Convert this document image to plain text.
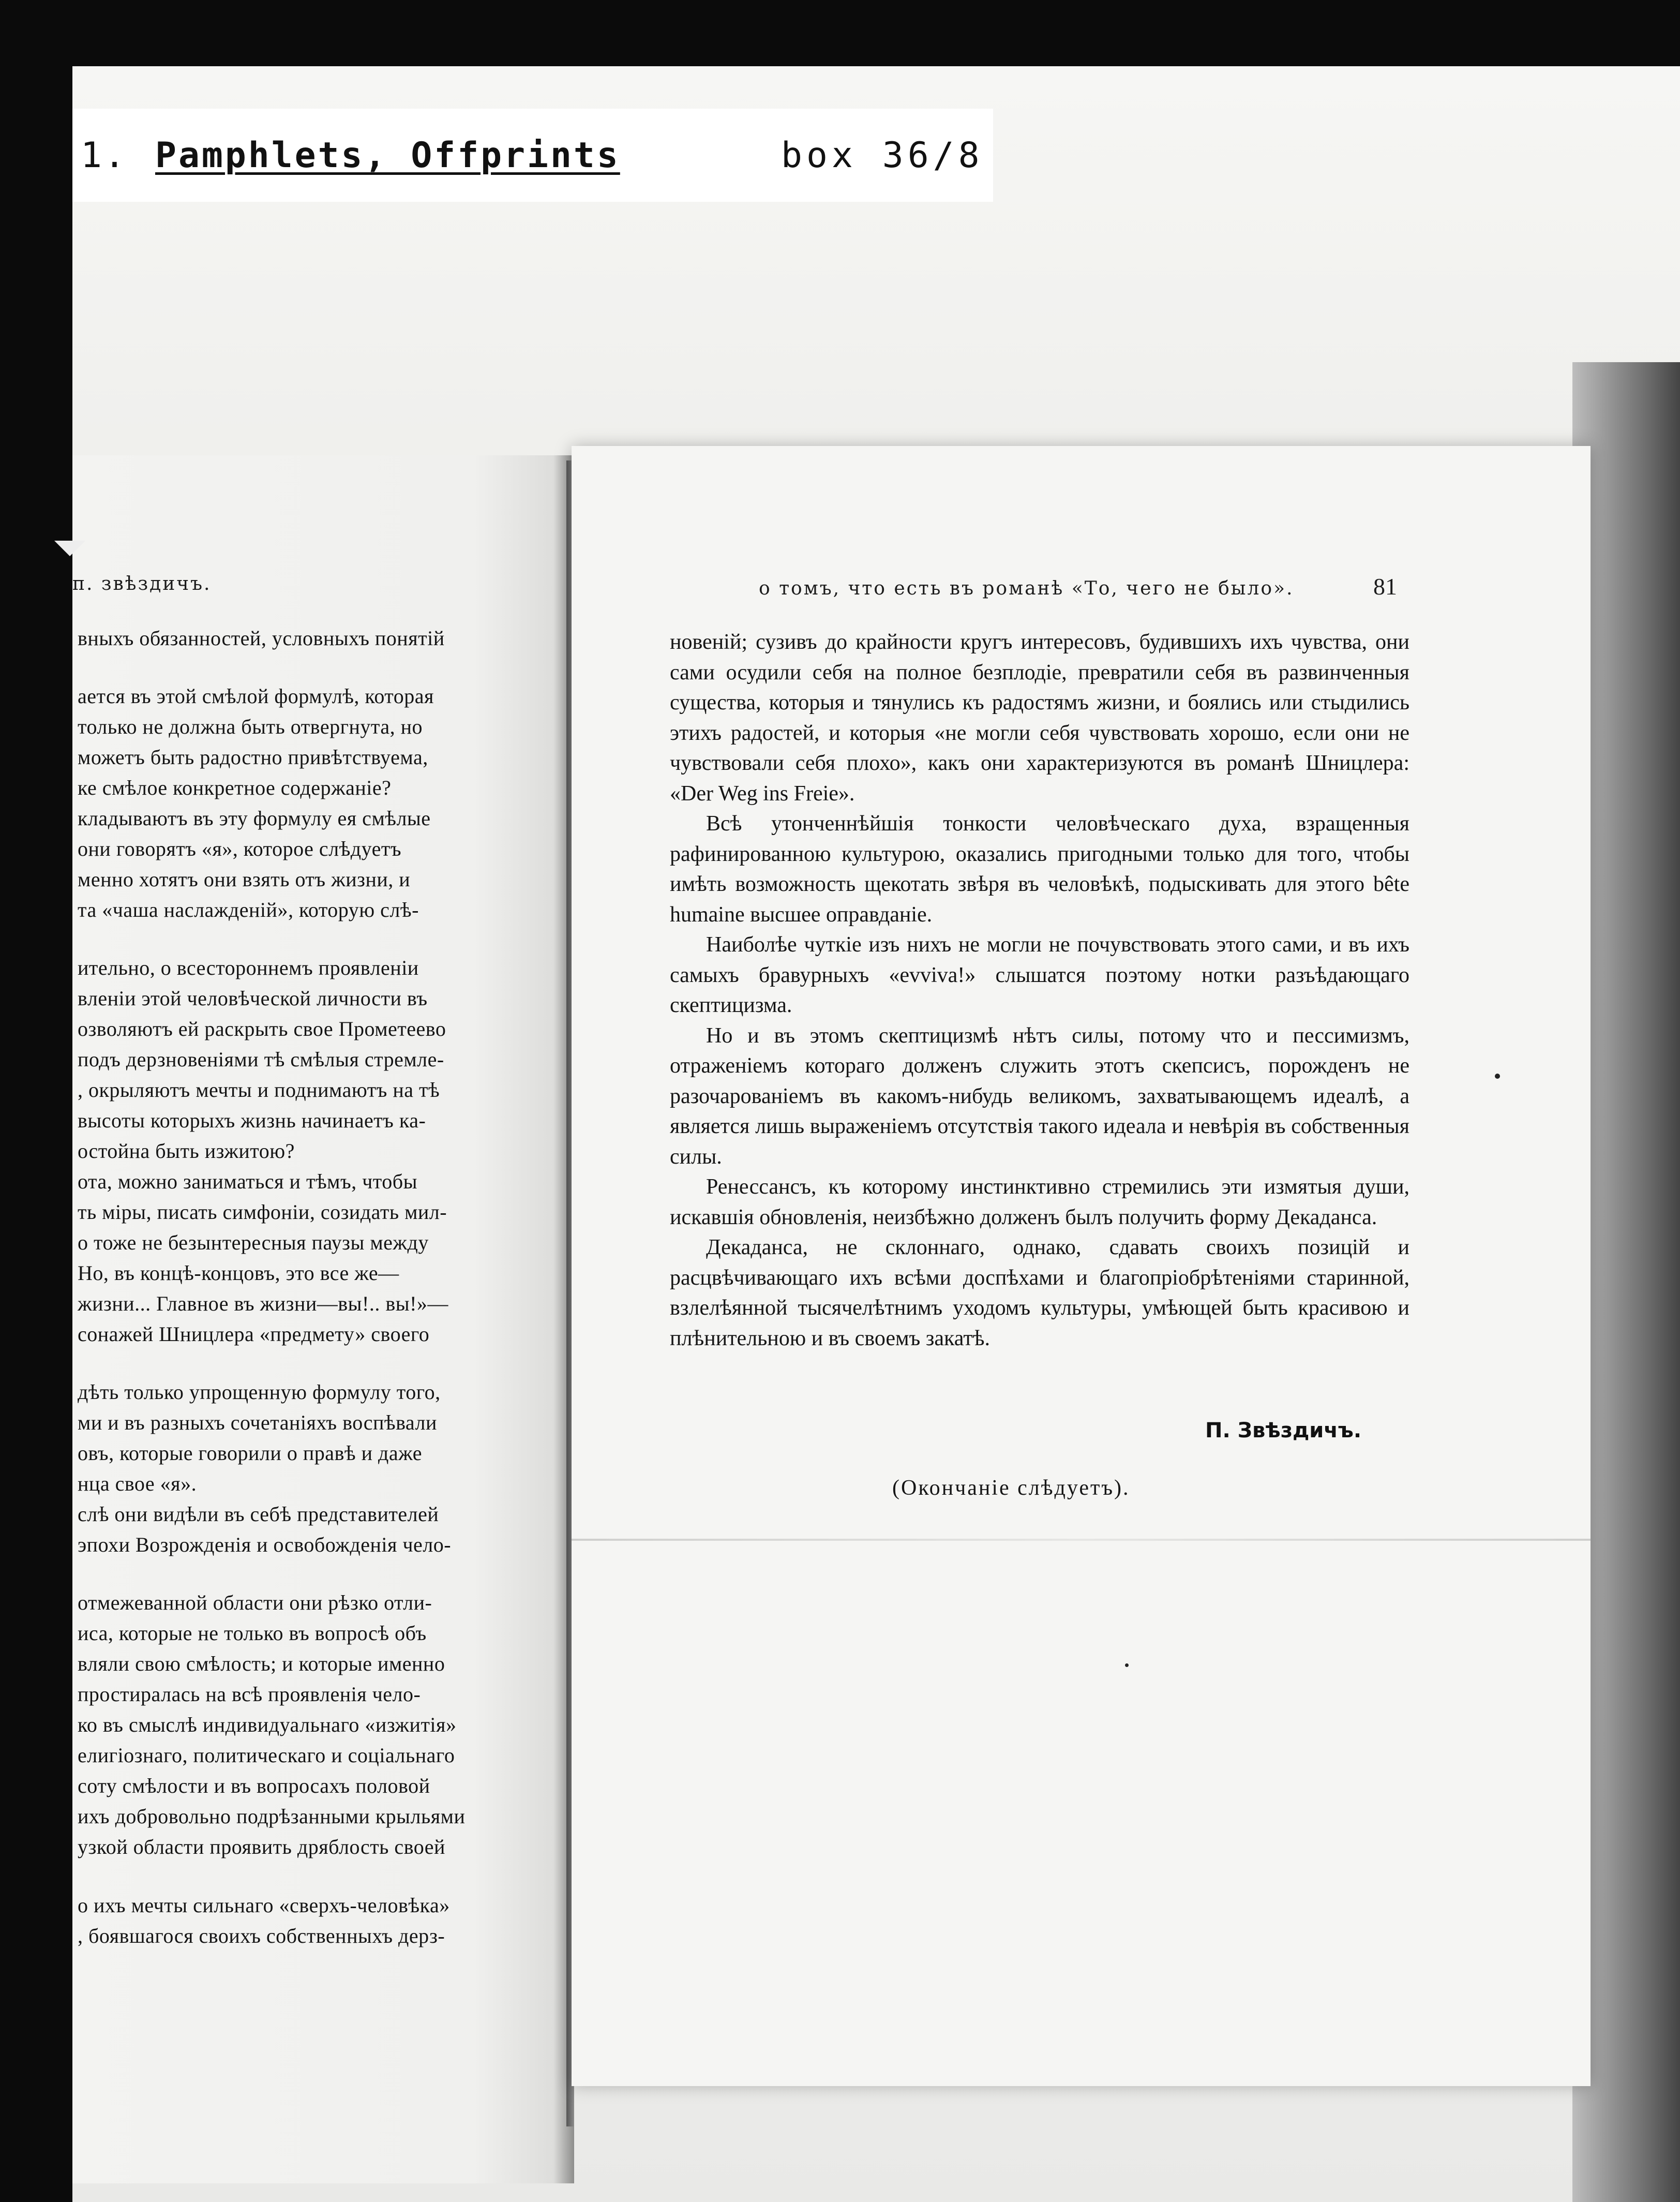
1. Pamphlets, Offprints	box 36/8
п. звѣздичъ.
вныхъ обязанностей, условныхъ понятій
ается въ этой смѣлой формулѣ, которая
только не должна быть отвергнута, но
можетъ быть радостно привѣтствуема,
ке смѣлое конкретное содержаніе?
кладываютъ въ эту формулу ея смѣлые
они говорятъ «я», которое слѣдуетъ
менно хотятъ они взять отъ жизни, и
та «чаша наслажденій», которую слѣ-
ительно, о всестороннемъ проявленіи
вленіи этой человѣческой личности въ
озволяютъ ей раскрыть свое Прометеево
подъ дерзновеніями тѣ смѣлыя стремле-
, окрыляютъ мечты и поднимаютъ на тѣ
высоты которыхъ жизнь начинаетъ ка-
остойна быть изжитою?
ота, можно заниматься и тѣмъ, чтобы
ть міры, писать симфоніи, созидать мил-
о тоже не безынтересныя паузы между
Но, въ концѣ-концовъ, это все же—
жизни... Главное въ жизни—вы!.. вы!»—
сонажей Шницлера «предмету» своего
дѣть только упрощенную формулу того,
ми и въ разныхъ сочетаніяхъ воспѣвали
овъ, которые говорили о правѣ и даже
нца свое «я».
слѣ они видѣли въ себѣ представителей
эпохи Возрожденія и освобожденія чело-
отмежеванной области они рѣзко отли-
иса, которые не только въ вопросѣ объ
вляли свою смѣлость; и которые именно
простиралась на всѣ проявленія чело-
ко въ смыслѣ индивидуальнаго «изжитія»
елигіознаго, политическаго и соціальнаго
соту смѣлости и въ вопросахъ половой
ихъ добровольно подрѣзанными крыльями
узкой области проявить дряблость своей
о ихъ мечты сильнаго «сверхъ-человѣка»
, боявшагося своихъ собственныхъ дерз-
о томъ, что есть въ романѣ «То, чего не было».	81

новеній; сузивъ до крайности кругъ интересовъ, будившихъ ихъ чувства, они сами осудили себя на полное безплодіе, превратили себя въ развинченныя существа, которыя и тянулись къ радостямъ жизни, и боялись или стыдились этихъ радостей, и которыя «не могли себя чувствовать хорошо, если они не чувствовали себя плохо», какъ они характеризуются въ романѣ Шницлера: «Der Weg ins Freie».

Всѣ утонченнѣйшія тонкости человѣческаго духа, взращенныя рафинированною культурою, оказались пригодными только для того, чтобы имѣть возможность щекотать звѣря въ человѣкѣ, подыскивать для этого bête humaine высшее оправданіе.

Наиболѣе чуткіе изъ нихъ не могли не почувствовать этого сами, и въ ихъ самыхъ бравурныхъ «evviva!» слышатся поэтому нотки разъѣдающаго скептицизма.

Но и въ этомъ скептицизмѣ нѣтъ силы, потому что и пессимизмъ, отраженіемъ котораго долженъ служить этотъ скепсисъ, порожденъ не разочарованіемъ въ какомъ-нибудь великомъ, захватывающемъ идеалѣ, а является лишь выраженіемъ отсутствія такого идеала и невѣрія въ собственныя силы.

Ренессансъ, къ которому инстинктивно стремились эти измятыя души, искавшія обновленія, неизбѣжно долженъ былъ получить форму Декаданса.

Декаданса, не склоннаго, однако, сдавать своихъ позицій и расцвѣчивающаго ихъ всѣми доспѣхами и благопріобрѣтеніями старинной, взлелѣянной тысячелѣтнимъ уходомъ культуры, умѣющей быть красивою и плѣнительною и въ своемъ закатѣ.

П. Звѣздичъ.
(Окончаніе слѣдуетъ).
